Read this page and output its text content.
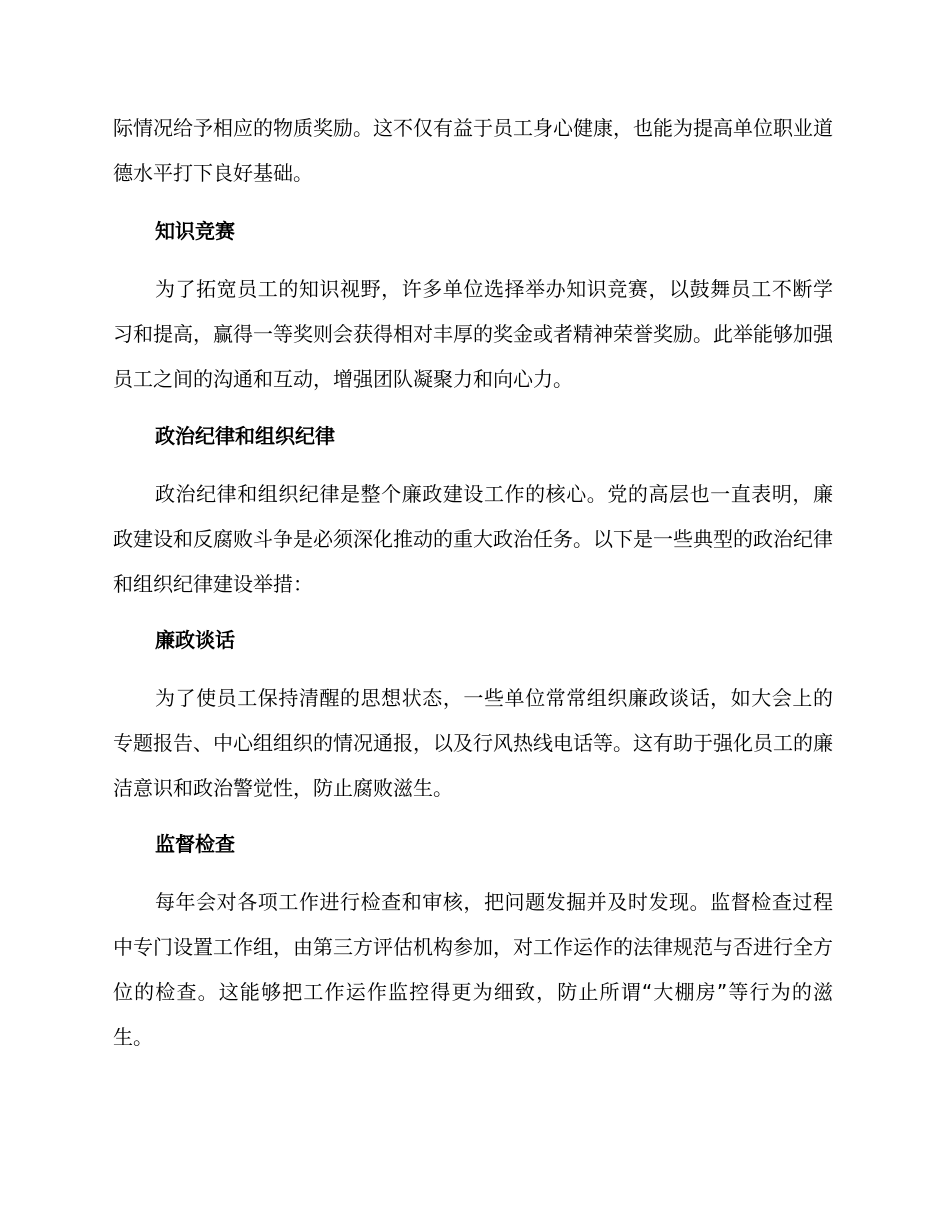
际情况给予相应的物质奖励。这不仅有益于员工身心健康，也能为提高单位职业道德水平打下良好基础。

知识竞赛

为了拓宽员工的知识视野，许多单位选择举办知识竞赛，以鼓舞员工不断学习和提高，赢得一等奖则会获得相对丰厚的奖金或者精神荣誉奖励。此举能够加强员工之间的沟通和互动，增强团队凝聚力和向心力。

政治纪律和组织纪律

政治纪律和组织纪律是整个廉政建设工作的核心。党的高层也一直表明，廉政建设和反腐败斗争是必须深化推动的重大政治任务。以下是一些典型的政治纪律和组织纪律建设举措：

廉政谈话

为了使员工保持清醒的思想状态，一些单位常常组织廉政谈话，如大会上的专题报告、中心组组织的情况通报，以及行风热线电话等。这有助于强化员工的廉洁意识和政治警觉性，防止腐败滋生。

监督检查

每年会对各项工作进行检查和审核，把问题发掘并及时发现。监督检查过程中专门设置工作组，由第三方评估机构参加，对工作运作的法律规范与否进行全方位的检查。这能够把工作运作监控得更为细致，防止所谓“大棚房”等行为的滋生。
